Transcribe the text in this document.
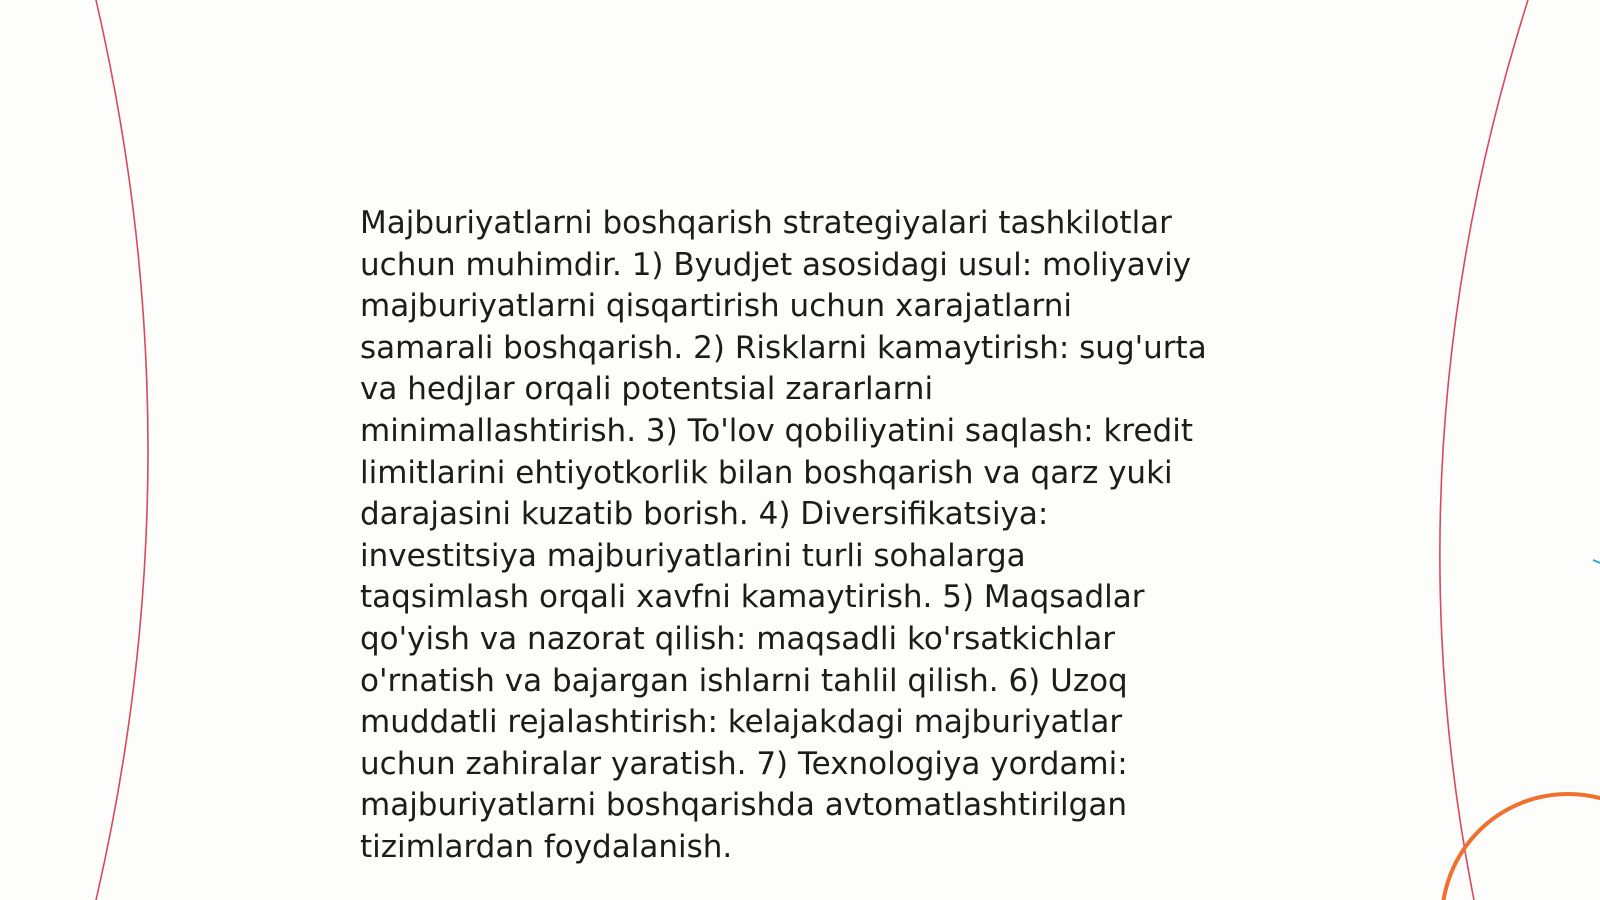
Majburiyatlarni boshqarish strategiyalari tashkilotlar
uchun muhimdir. 1) Byudjet asosidagi usul: moliyaviy
majburiyatlarni qisqartirish uchun xarajatlarni
samarali boshqarish. 2) Risklarni kamaytirish: sug'urta
va hedjlar orqali potentsial zararlarni
minimallashtirish. 3) To'lov qobiliyatini saqlash: kredit
limitlarini ehtiyotkorlik bilan boshqarish va qarz yuki
darajasini kuzatib borish. 4) Diversifikatsiya:
investitsiya majburiyatlarini turli sohalarga
taqsimlash orqali xavfni kamaytirish. 5) Maqsadlar
qo'yish va nazorat qilish: maqsadli ko'rsatkichlar
o'rnatish va bajargan ishlarni tahlil qilish. 6) Uzoq
muddatli rejalashtirish: kelajakdagi majburiyatlar
uchun zahiralar yaratish. 7) Texnologiya yordami:
majburiyatlarni boshqarishda avtomatlashtirilgan
tizimlardan foydalanish.
